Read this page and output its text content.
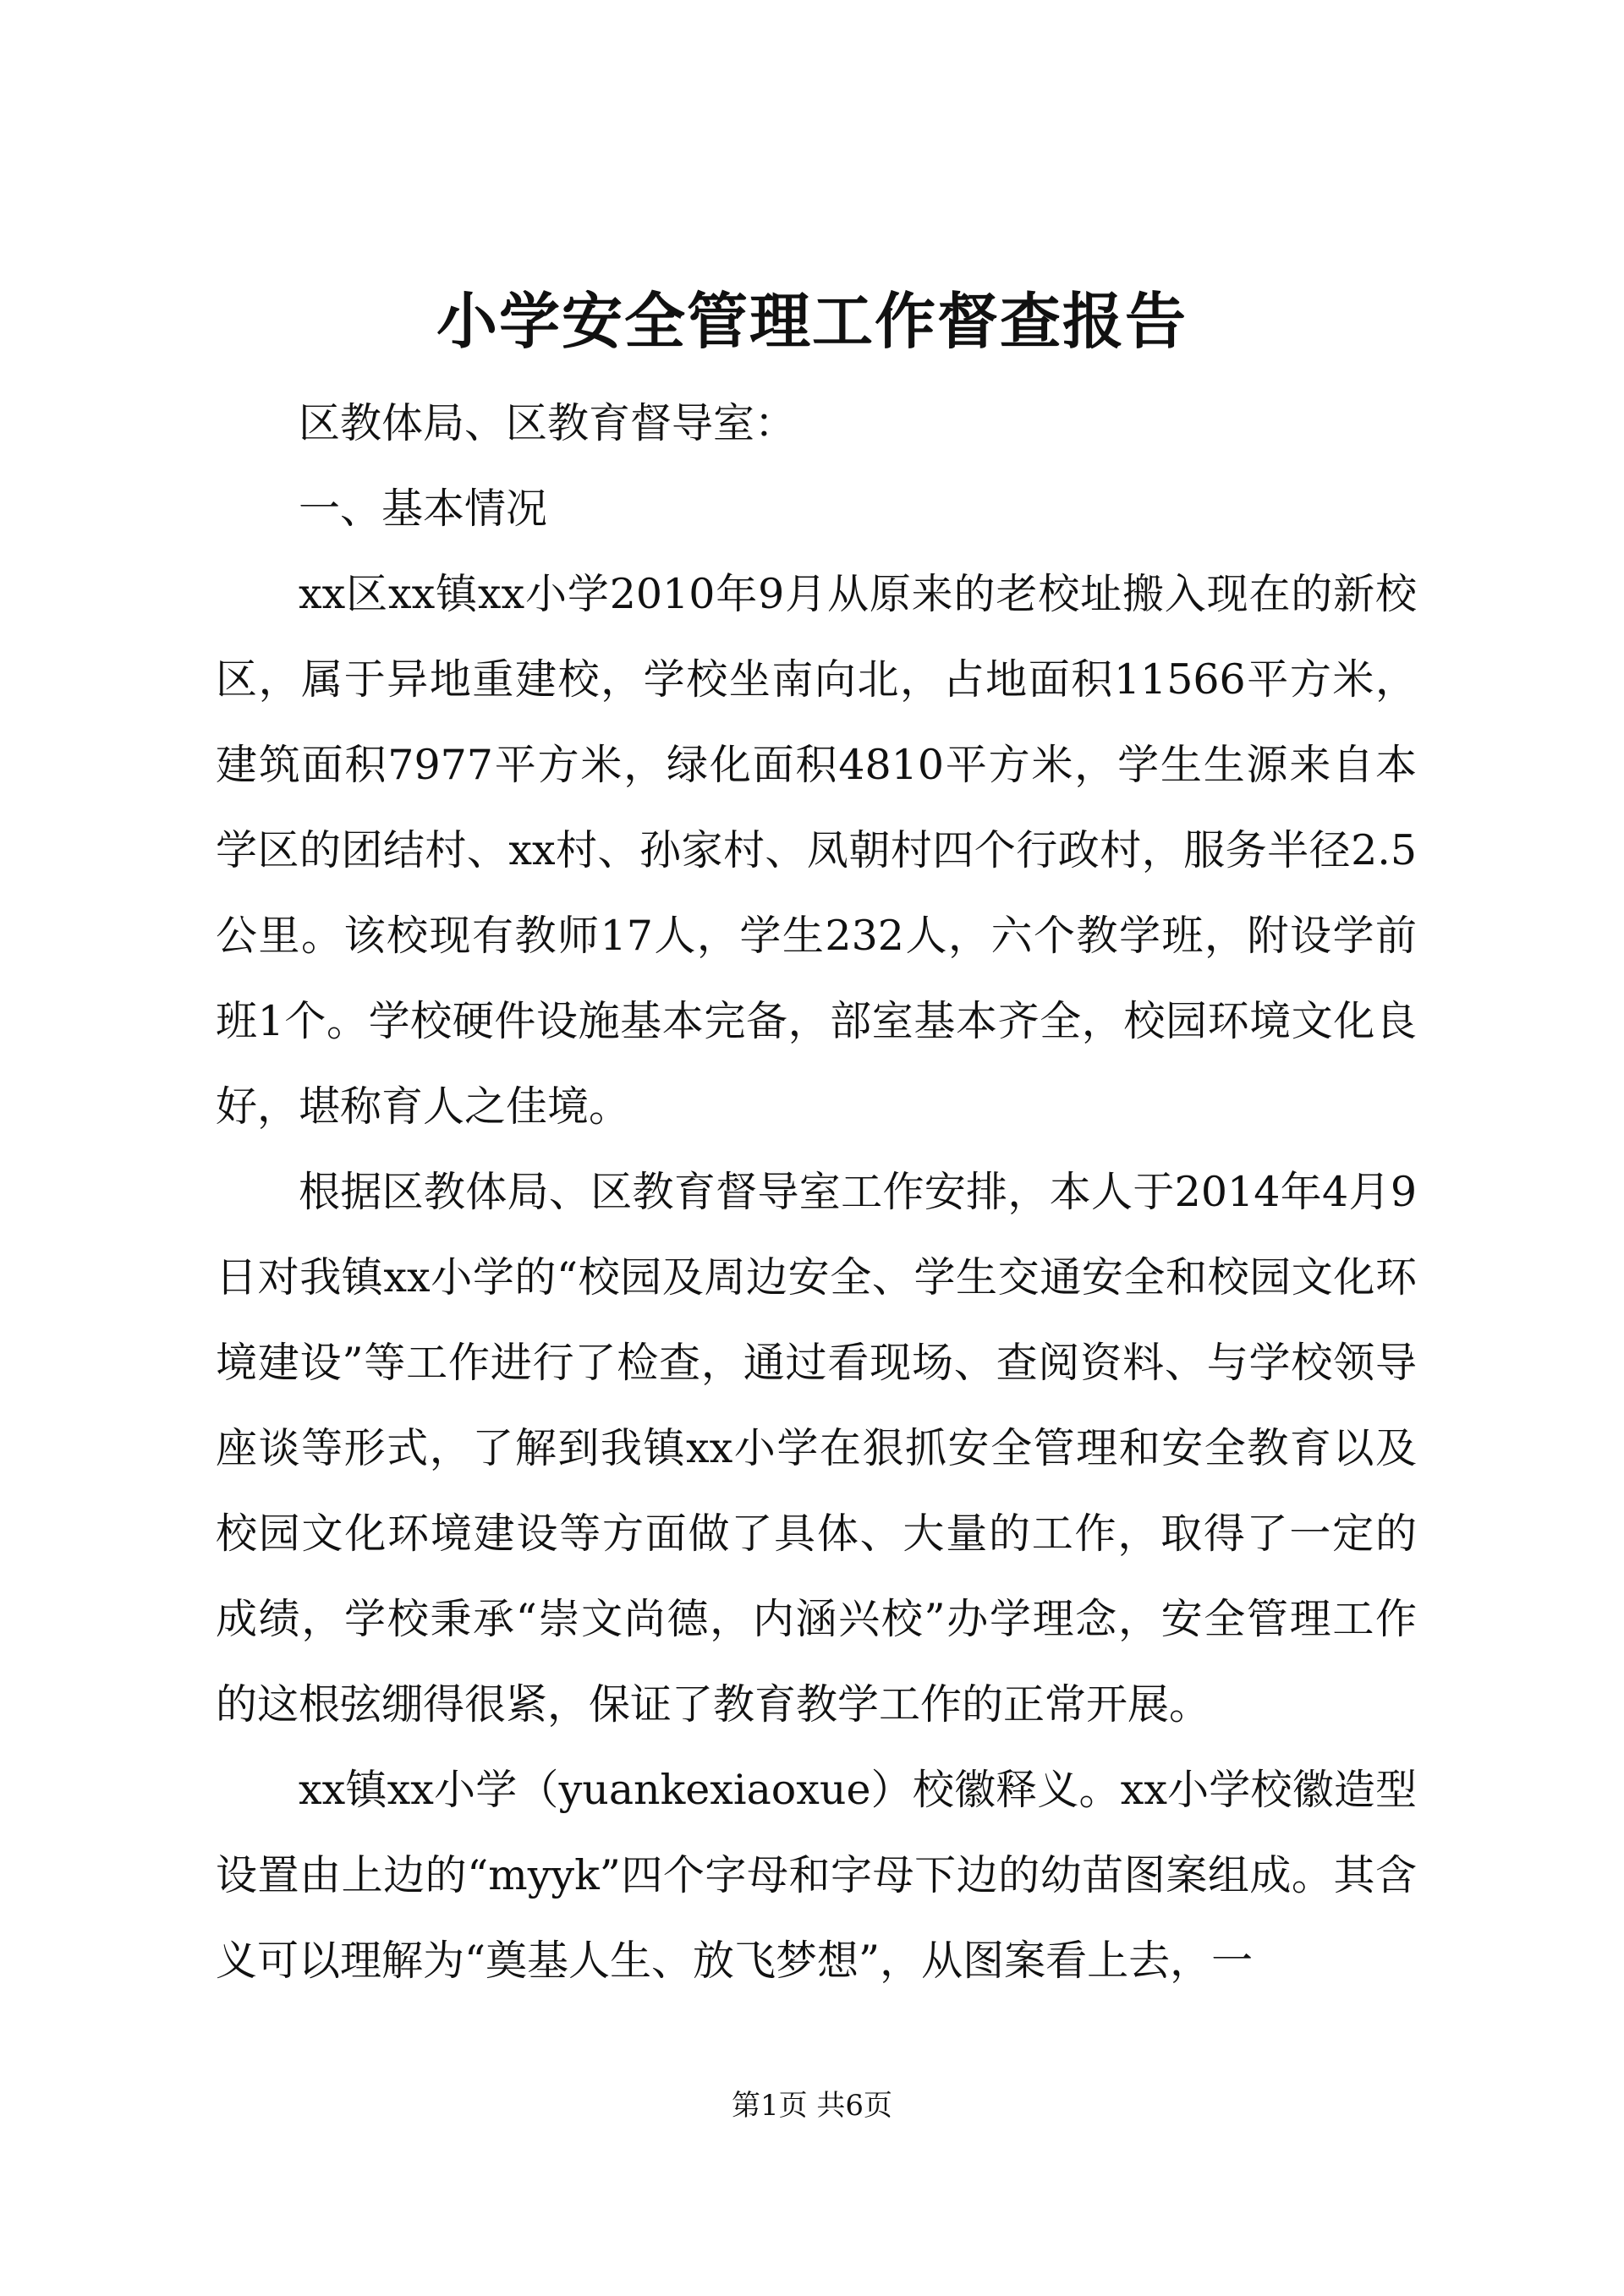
小学安全管理工作督查报告

区教体局、区教育督导室：

一、基本情况

xx区xx镇xx小学2010年9月从原来的老校址搬入现在的新校区，属于异地重建校，学校坐南向北，占地面积11566平方米，建筑面积7977平方米，绿化面积4810平方米，学生生源来自本学区的团结村、xx村、孙家村、凤朝村四个行政村，服务半径2.5公里。该校现有教师17人，学生232人，六个教学班，附设学前班1个。学校硬件设施基本完备，部室基本齐全，校园环境文化良好，堪称育人之佳境。

根据区教体局、区教育督导室工作安排，本人于2014年4月9日对我镇xx小学的“校园及周边安全、学生交通安全和校园文化环境建设”等工作进行了检查，通过看现场、查阅资料、与学校领导座谈等形式，了解到我镇xx小学在狠抓安全管理和安全教育以及校园文化环境建设等方面做了具体、大量的工作，取得了一定的成绩，学校秉承“崇文尚德，内涵兴校”办学理念，安全管理工作的这根弦绷得很紧，保证了教育教学工作的正常开展。

xx镇xx小学（yuankexiaoxue）校徽释义。xx小学校徽造型设置由上边的“myyk”四个字母和字母下边的幼苗图案组成。其含义可以理解为“奠基人生、放飞梦想”，从图案看上去，一

第1页 共6页
